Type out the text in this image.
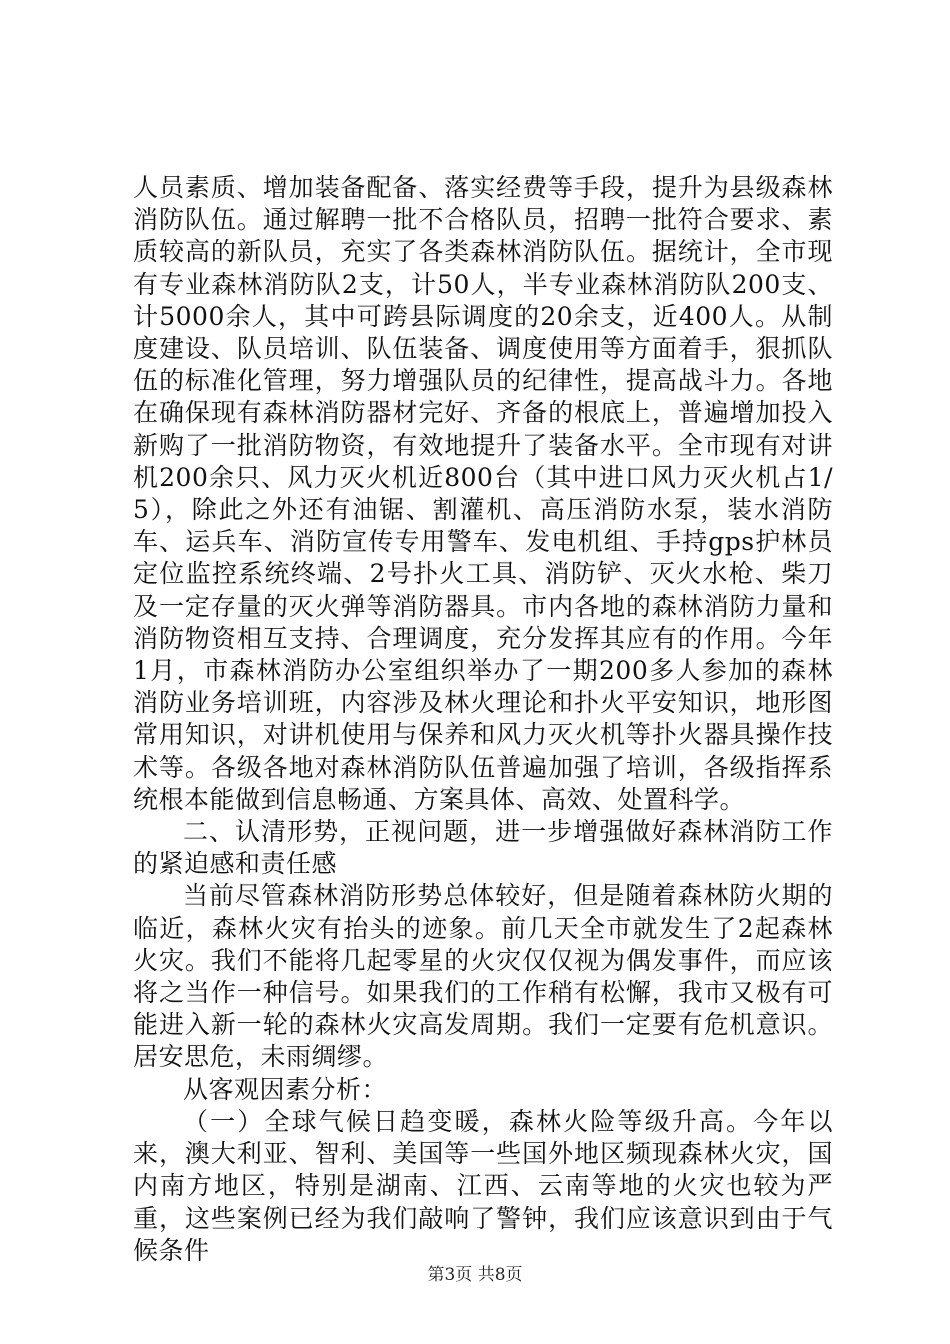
人员素质、增加装备配备、落实经费等手段，提升为县级森林消防队伍。通过解聘一批不合格队员，招聘一批符合要求、素质较高的新队员，充实了各类森林消防队伍。据统计，全市现有专业森林消防队2支，计50人，半专业森林消防队200支、计5000余人，其中可跨县际调度的20余支，近400人。从制度建设、队员培训、队伍装备、调度使用等方面着手，狠抓队伍的标准化管理，努力增强队员的纪律性，提高战斗力。各地在确保现有森林消防器材完好、齐备的根底上，普遍增加投入新购了一批消防物资，有效地提升了装备水平。全市现有对讲机200余只、风力灭火机近800台（其中进口风力灭火机占1/5），除此之外还有油锯、割灌机、高压消防水泵，装水消防车、运兵车、消防宣传专用警车、发电机组、手持gps护林员定位监控系统终端、2号扑火工具、消防铲、灭火水枪、柴刀及一定存量的灭火弹等消防器具。市内各地的森林消防力量和消防物资相互支持、合理调度，充分发挥其应有的作用。今年1月，市森林消防办公室组织举办了一期200多人参加的森林消防业务培训班，内容涉及林火理论和扑火平安知识，地形图常用知识，对讲机使用与保养和风力灭火机等扑火器具操作技术等。各级各地对森林消防队伍普遍加强了培训，各级指挥系统根本能做到信息畅通、方案具体、高效、处置科学。

二、认清形势，正视问题，进一步增强做好森林消防工作的紧迫感和责任感

当前尽管森林消防形势总体较好，但是随着森林防火期的临近，森林火灾有抬头的迹象。前几天全市就发生了2起森林火灾。我们不能将几起零星的火灾仅仅视为偶发事件，而应该将之当作一种信号。如果我们的工作稍有松懈，我市又极有可能进入新一轮的森林火灾高发周期。我们一定要有危机意识。居安思危，未雨绸缪。

从客观因素分析：

（一）全球气候日趋变暖，森林火险等级升高。今年以来，澳大利亚、智利、美国等一些国外地区频现森林火灾，国内南方地区，特别是湖南、江西、云南等地的火灾也较为严重，这些案例已经为我们敲响了警钟，我们应该意识到由于气候条件

第3页 共8页
